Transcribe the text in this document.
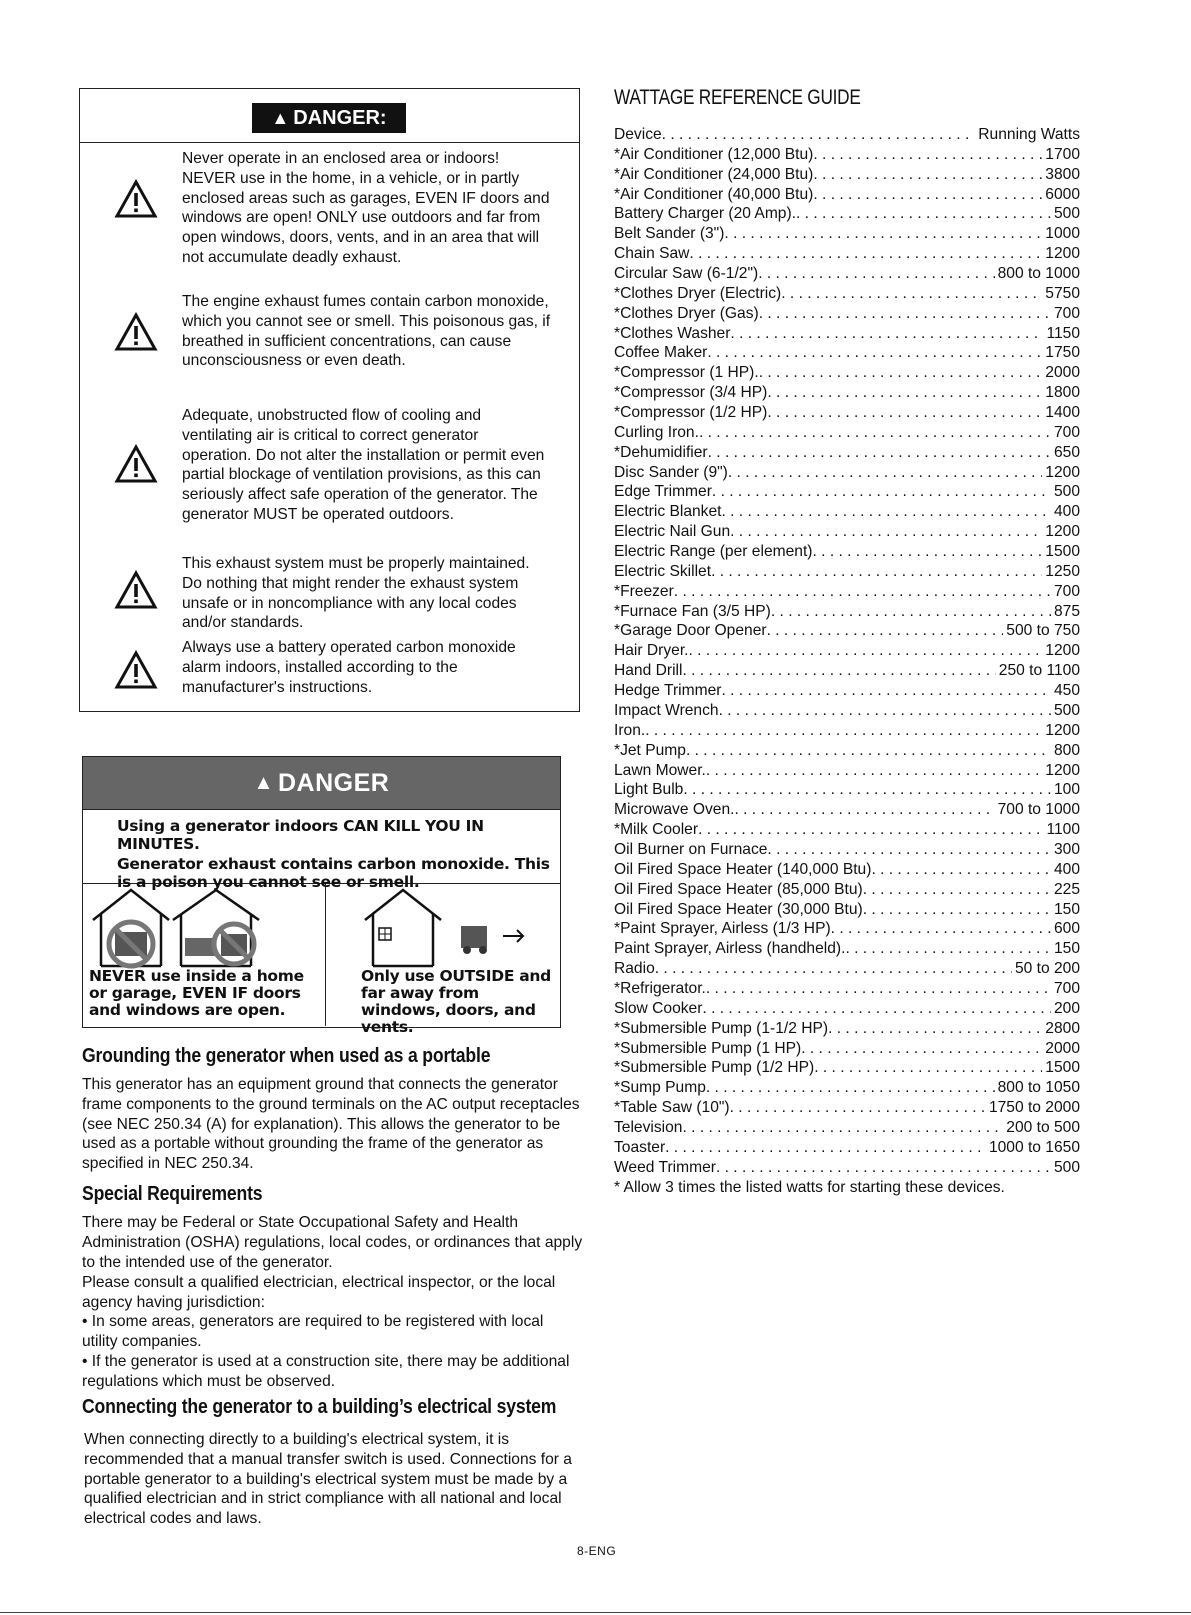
▲ DANGER:
Never operate in an enclosed area or indoors! NEVER use in the home, in a vehicle, or in partly enclosed areas such as garages, EVEN IF doors and windows are open! ONLY use outdoors and far from open windows, doors, vents, and in an area that will not accumulate deadly exhaust.
The engine exhaust fumes contain carbon monoxide, which you cannot see or smell. This poisonous gas, if breathed in sufficient concentrations, can cause unconsciousness or even death.
Adequate, unobstructed flow of cooling and ventilating air is critical to correct generator operation. Do not alter the installation or permit even partial blockage of ventilation provisions, as this can seriously affect safe operation of the generator. The generator MUST be operated outdoors.
This exhaust system must be properly maintained. Do nothing that might render the exhaust system unsafe or in noncompliance with any local codes and/or standards.
Always use a battery operated carbon monoxide alarm indoors, installed according to the manufacturer's instructions.
▲ DANGER

Using a generator indoors CAN KILL YOU IN MINUTES.

Generator exhaust contains carbon monoxide. This is a poison you cannot see or smell.

NEVER use inside a home or garage, EVEN IF doors and windows are open.
Only use OUTSIDE and far away from windows, doors, and vents.
Grounding the generator when used as a portable

This generator has an equipment ground that connects the generator frame components to the ground terminals on the AC output receptacles (see NEC 250.34 (A) for explanation). This allows the generator to be used as a portable without grounding the frame of the generator as specified in NEC 250.34.

Special Requirements

There may be Federal or State Occupational Safety and Health Administration (OSHA) regulations, local codes, or ordinances that apply to the intended use of the generator.

Please consult a qualified electrician, electrical inspector, or the local agency having jurisdiction:

• In some areas, generators are required to be registered with local utility companies.

• If the generator is used at a construction site, there may be additional regulations which must be observed.

Connecting the generator to a building’s electrical system

When connecting directly to a building's electrical system, it is recommended that a manual transfer switch is used. Connections for a portable generator to a building's electrical system must be made by a qualified electrician and in strict compliance with all national and local electrical codes and laws.

WATTAGE REFERENCE GUIDE
Device . . .	Running Watts
*Air Conditioner (12,000 Btu) . . .	1700
*Air Conditioner (24,000 Btu) . . .	3800
*Air Conditioner (40,000 Btu) . . .	6000
Battery Charger (20 Amp). . . .	500
Belt Sander (3") . . .	1000
Chain Saw . . .	1200
Circular Saw (6-1/2") . . .	800 to 1000
*Clothes Dryer (Electric) . . .	5750
*Clothes Dryer (Gas) . . .	700
*Clothes Washer . . .	1150
Coffee Maker . . .	1750
*Compressor (1 HP). . . .	2000
*Compressor (3/4 HP) . . .	1800
*Compressor (1/2 HP) . . .	1400
Curling Iron. . . .	700
*Dehumidifier . . .	650
Disc Sander (9") . . .	1200
Edge Trimmer . . .	500
Electric Blanket . . .	400
Electric Nail Gun . . .	1200
Electric Range (per element) . . .	1500
Electric Skillet . . .	1250
*Freezer . . .	700
*Furnace Fan (3/5 HP) . . .	875
*Garage Door Opener . . .	500 to 750
Hair Dryer. . . .	1200
Hand Drill . . .	250 to 1100
Hedge Trimmer . . .	450
Impact Wrench . . .	500
Iron. . . .	1200
*Jet Pump . . .	800
Lawn Mower. . . .	1200
Light Bulb . . .	100
Microwave Oven. . . .	700 to 1000
*Milk Cooler . . .	1100
Oil Burner on Furnace . . .	300
Oil Fired Space Heater (140,000 Btu) . . .	400
Oil Fired Space Heater (85,000 Btu) . . .	225
Oil Fired Space Heater (30,000 Btu) . . .	150
*Paint Sprayer, Airless (1/3 HP) . . .	600
Paint Sprayer, Airless (handheld). . . .	150
Radio . . .	50 to 200
*Refrigerator. . . .	700
Slow Cooker . . .	200
*Submersible Pump (1-1/2 HP) . . .	2800
*Submersible Pump (1 HP) . . .	2000
*Submersible Pump (1/2 HP) . . .	1500
*Sump Pump . . .	800 to 1050
*Table Saw (10") . . .	1750 to 2000
Television . . .	200 to 500
Toaster . . .	1000 to 1650
Weed Trimmer . . .	500
* Allow 3 times the listed watts for starting these devices.
8-ENG
